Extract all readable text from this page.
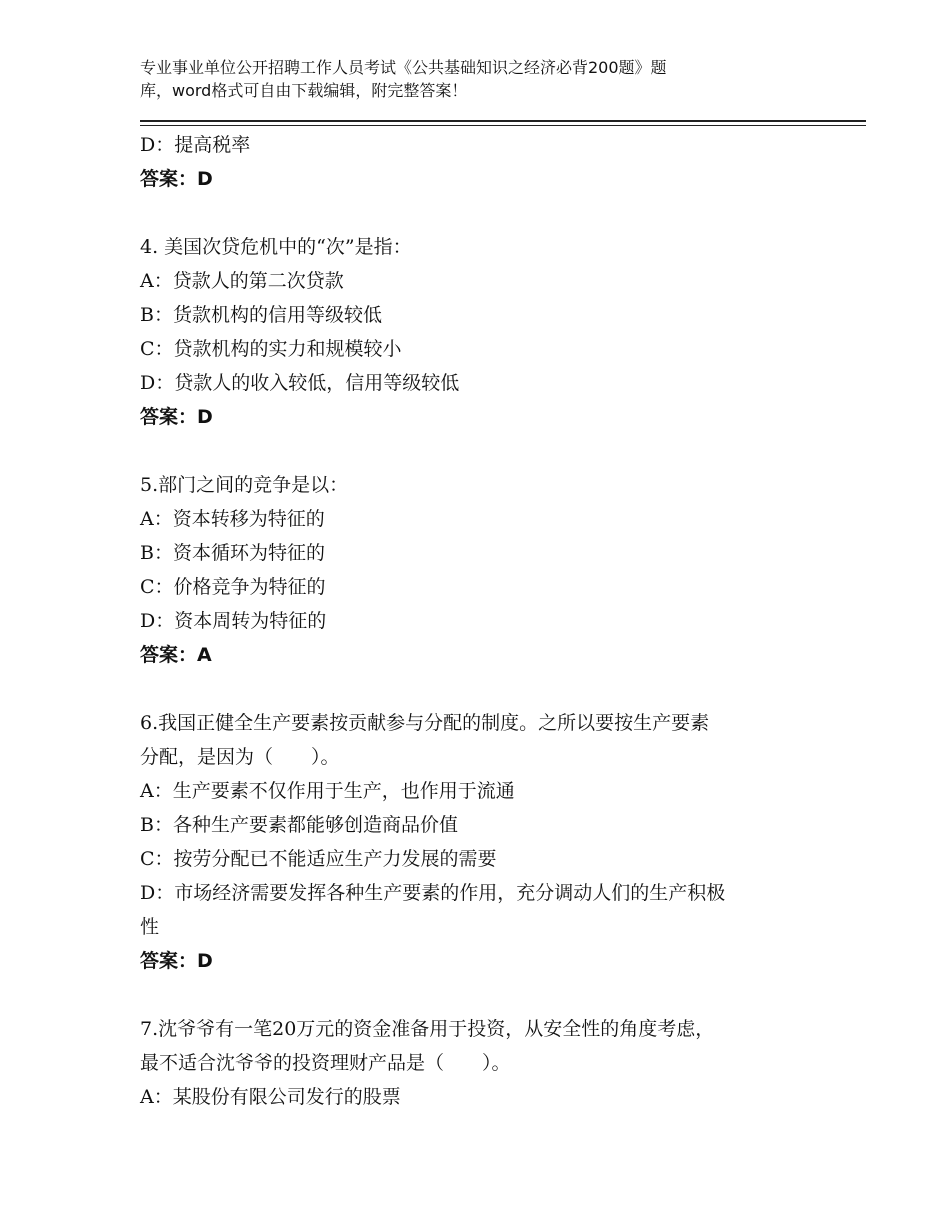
专业事业单位公开招聘工作人员考试《公共基础知识之经济必背200题》题
库，word格式可自由下载编辑，附完整答案！
D：提高税率
答案：D
4. 美国次贷危机中的“次”是指：
A：贷款人的第二次贷款
B：货款机构的信用等级较低
C：贷款机构的实力和规模较小
D：贷款人的收入较低，信用等级较低
答案：D
5.部门之间的竞争是以：
A：资本转移为特征的
B：资本循环为特征的
C：价格竞争为特征的
D：资本周转为特征的
答案：A
6.我国正健全生产要素按贡献参与分配的制度。之所以要按生产要素
分配，是因为（　　）。
A：生产要素不仅作用于生产，也作用于流通
B：各种生产要素都能够创造商品价值
C：按劳分配已不能适应生产力发展的需要
D：市场经济需要发挥各种生产要素的作用，充分调动人们的生产积极
性
答案：D
7.沈爷爷有一笔20万元的资金准备用于投资，从安全性的角度考虑，
最不适合沈爷爷的投资理财产品是（　　）。
A：某股份有限公司发行的股票
